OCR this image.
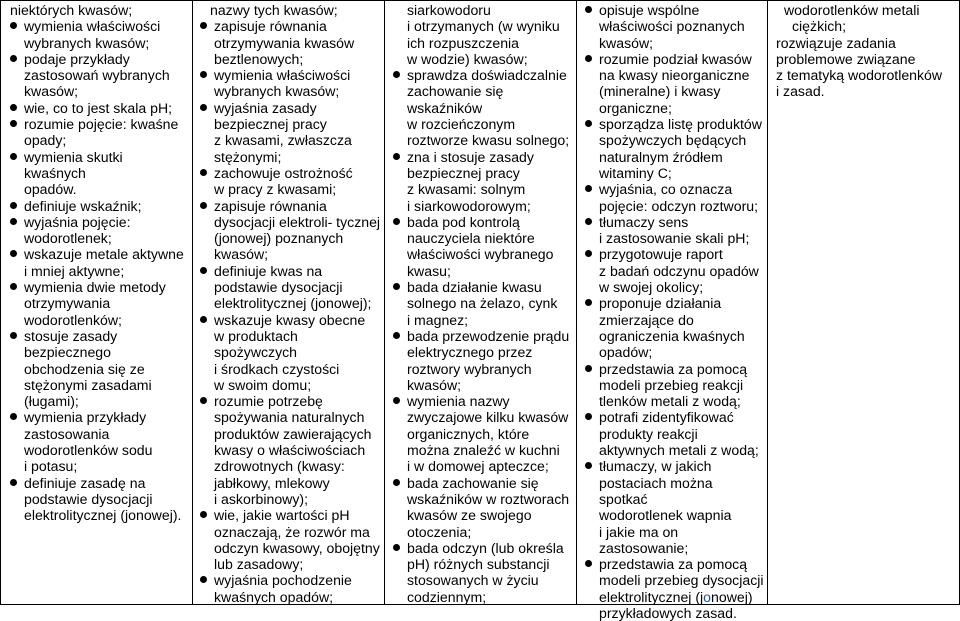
niektórych kwasów;
wymienia właściwości
wybranych kwasów;
podaje przykłady
zastosowań wybranych
kwasów;
wie, co to jest skala pH;
rozumie pojęcie: kwaśne
opady;
wymienia skutki kwaśnych
opadów.
definiuje wskaźnik;
wyjaśnia pojęcie:
wodorotlenek;
wskazuje metale aktywne
i mniej aktywne;
wymienia dwie metody
otrzymywania
wodorotlenków;
stosuje zasady
bezpiecznego
obchodzenia się ze
stężonymi zasadami
(ługami);
wymienia przykłady
zastosowania
wodorotlenków sodu
i potasu;
definiuje zasadę na
podstawie dysocjacji
elektrolitycznej (jonowej).
nazwy tych kwasów;
zapisuje równania
otrzymywania kwasów
beztlenowych;
wymienia właściwości
wybranych kwasów;
wyjaśnia zasady
bezpiecznej pracy
z kwasami, zwłaszcza
stężonymi;
zachowuje ostrożność
w pracy z kwasami;
zapisuje równania
dysocjacji elektroli- tycznej
(jonowej) poznanych
kwasów;
definiuje kwas na
podstawie dysocjacji
elektrolitycznej (jonowej);
wskazuje kwasy obecne
w produktach
spożywczych
i środkach czystości
w swoim domu;
rozumie potrzebę
spożywania naturalnych
produktów zawierających
kwasy o właściwościach
zdrowotnych (kwasy:
jabłkowy, mlekowy
i askorbinowy);
wie, jakie wartości pH
oznaczają, że rozwór ma
odczyn kwasowy, obojętny
lub zasadowy;
wyjaśnia pochodzenie
kwaśnych opadów;
siarkowodoru
i otrzymanych (w wyniku
ich rozpuszczenia
w wodzie) kwasów;
sprawdza doświadczalnie
zachowanie się
wskaźników
w rozcieńczonym
roztworze kwasu solnego;
zna i stosuje zasady
bezpiecznej pracy
z kwasami: solnym
i siarkowodorowym;
bada pod kontrolą
nauczyciela niektóre
właściwości wybranego
kwasu;
bada działanie kwasu
solnego na żelazo, cynk
i magnez;
bada przewodzenie prądu
elektrycznego przez
roztwory wybranych
kwasów;
wymienia nazwy
zwyczajowe kilku kwasów
organicznych, które
można znaleźć w kuchni
i w domowej apteczce;
bada zachowanie się
wskaźników w roztworach
kwasów ze swojego
otoczenia;
bada odczyn (lub określa
pH) różnych substancji
stosowanych w życiu
codziennym;
opisuje wspólne
właściwości poznanych
kwasów;
rozumie podział kwasów
na kwasy nieorganiczne
(mineralne) i kwasy
organiczne;
sporządza listę produktów
spożywczych będących
naturalnym źródłem
witaminy C;
wyjaśnia, co oznacza
pojęcie: odczyn roztworu;
tłumaczy sens
i zastosowanie skali pH;
przygotowuje raport
z badań odczynu opadów
w swojej okolicy;
proponuje działania
zmierzające do
ograniczenia kwaśnych
opadów;
przedstawia za pomocą
modeli przebieg reakcji
tlenków metali z wodą;
potrafi zidentyfikować
produkty reakcji
aktywnych metali z wodą;
tłumaczy, w jakich
postaciach można spotkać
wodorotlenek wapnia
i jakie ma on
zastosowanie;
przedstawia za pomocą
modeli przebieg dysocjacji
elektrolitycznej (jonowej)
przykładowych zasad.
wodorotlenków metali
ciężkich;
rozwiązuje zadania
problemowe związane
z tematyką wodorotlenków
i zasad.
